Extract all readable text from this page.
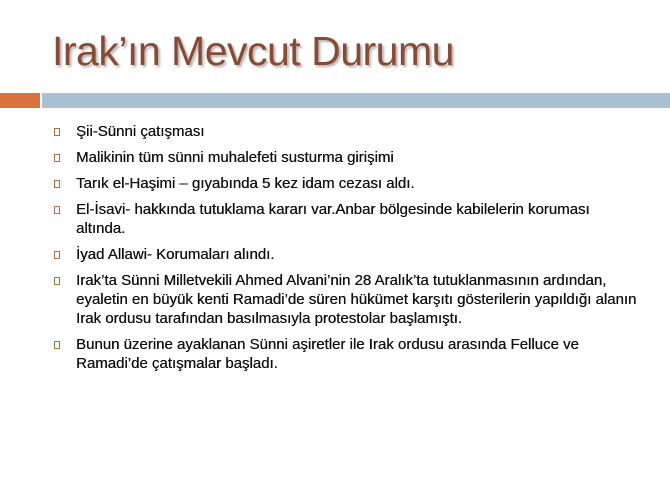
Irak’ın Mevcut Durumu
Şii-Sünni çatışması
Malikinin tüm sünni muhalefeti susturma girişimi
Tarık el-Haşimi – gıyabında 5 kez idam cezası aldı.
El-İsavi- hakkında tutuklama kararı var.Anbar bölgesinde kabilelerin koruması altında.
İyad Allawi- Korumaları alındı.
Irak’ta Sünni Milletvekili Ahmed Alvani’nin 28 Aralık’ta tutuklanmasının ardından, eyaletin en büyük kenti Ramadi’de süren hükümet karşıtı gösterilerin yapıldığı alanın Irak ordusu tarafından basılmasıyla protestolar başlamıştı.
Bunun üzerine ayaklanan Sünni aşiretler ile Irak ordusu arasında Felluce ve Ramadi’de çatışmalar başladı.
